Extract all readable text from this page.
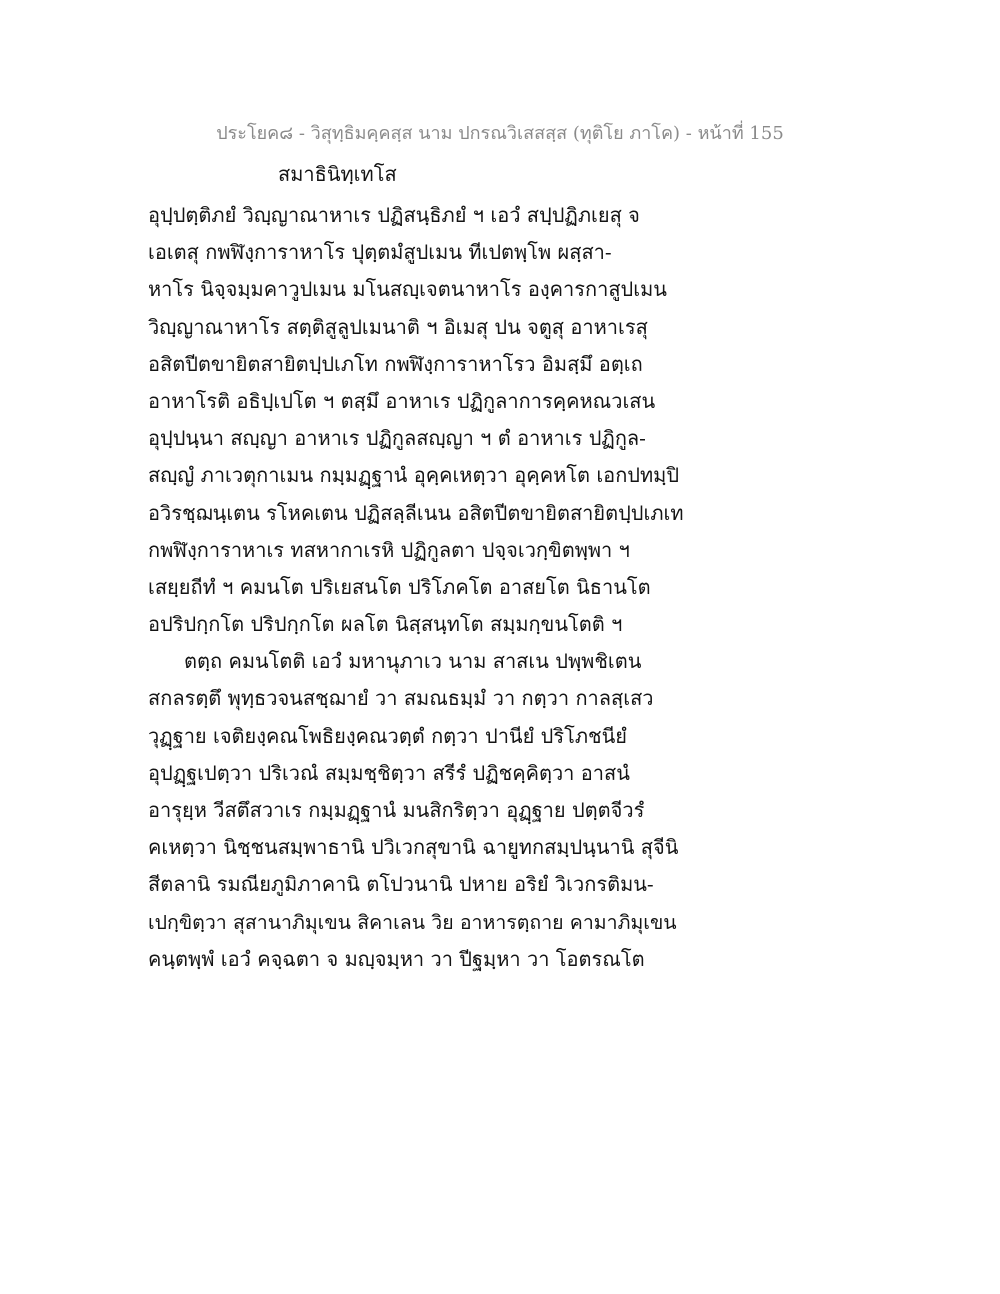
ประโยค๘ - วิสุทฺธิมคฺคสฺส นาม ปกรณวิเสสสฺส (ทุติโย ภาโค) - หน้าที่ 155
สมาธินิทฺเทโส
อุปฺปตฺติภยํ วิญฺญาณาหาเร ปฏิสนฺธิภยํ ฯ เอวํ สปฺปฏิภเยสุ จ
เอเตสุ กพฬิงฺการาหาโร ปุตฺตมํสูปเมน ทีเปตพฺโพ ผสฺสา-
หาโร นิจฺจมฺมคาวูปเมน มโนสญฺเจตนาหาโร องฺคารกาสูปเมน
วิญฺญาณาหาโร สตฺติสูลูปเมนาติ ฯ อิเมสุ ปน จตูสุ อาหาเรสุ
อสิตปีตขายิตสายิตปฺปเภโท กพฬิงฺการาหาโรว อิมสฺมึ อตฺเถ
อาหาโรติ อธิปฺเปโต ฯ ตสฺมึ อาหาเร ปฏิกูลาการคฺคหณวเสน
อุปฺปนฺนา สญฺญา อาหาเร ปฏิกูลสญฺญา ฯ ตํ อาหาเร ปฏิกูล-
สญฺญํ ภาเวตุกาเมน กมฺมฏฺฐานํ อุคฺคเหตฺวา อุคฺคหโต เอกปทมฺปิ
อวิรชฺฌนฺเตน รโหคเตน ปฏิสลฺลีเนน อสิตปีตขายิตสายิตปฺปเภเท
กพฬิงฺการาหาเร ทสหากาเรหิ ปฏิกูลตา ปจฺจเวกฺขิตพฺพา ฯ
เสยฺยถีทํ ฯ คมนโต ปริเยสนโต ปริโภคโต อาสยโต นิธานโต
อปริปกฺกโต ปริปกฺกโต ผลโต นิสฺสนฺทโต สมฺมกฺขนโตติ ฯ
ตตฺถ คมนโตติ เอวํ มหานุภาเว นาม สาสเน ปพฺพชิเตน
สกลรตฺตึ พุทฺธวจนสชฺฌายํ วา สมณธมฺมํ วา กตฺวา กาลสฺเสว
วุฏฺฐาย เจติยงฺคณโพธิยงฺคณวตฺตํ กตฺวา ปานียํ ปริโภชนียํ
อุปฏฺฐเปตฺวา ปริเวณํ สมฺมชฺชิตฺวา สรีรํ ปฏิชคฺคิตฺวา อาสนํ
อารุยฺห วีสตึสวาเร กมฺมฏฺฐานํ มนสิกริตฺวา อุฏฺฐาย ปตฺตจีวรํ
คเหตฺวา นิชฺชนสมฺพาธานิ ปวิเวกสุขานิ ฉายูทกสมฺปนฺนานิ สุจีนิ
สีตลานิ รมณียภูมิภาคานิ ตโปวนานิ ปหาย อริยํ วิเวกรติมน-
เปกฺขิตฺวา สุสานาภิมุเขน สิคาเลน วิย อาหารตฺถาย คามาภิมุเขน
คนฺตพฺพํ เอวํ คจฺฉตา จ มญฺจมฺหา วา ปีฐมฺหา วา โอตรณโต
